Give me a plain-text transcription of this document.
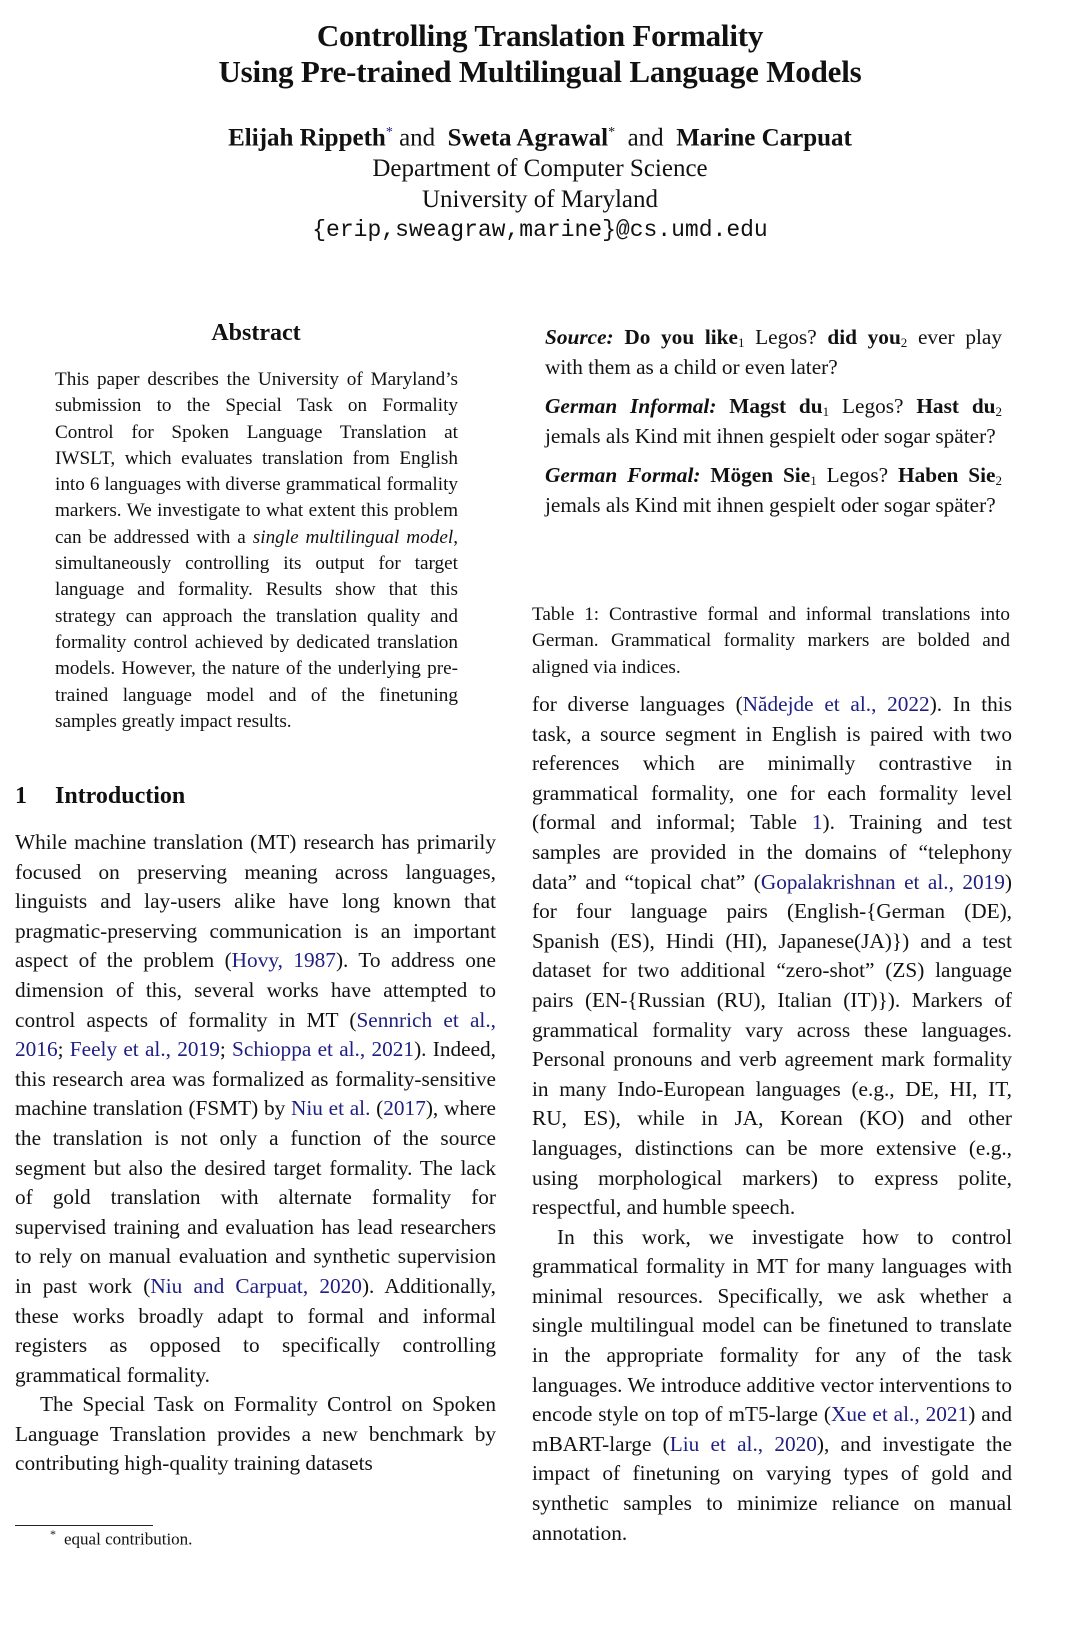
Controlling Translation Formality
Using Pre-trained Multilingual Language Models
Elijah Rippeth* and Sweta Agrawal* and Marine Carpuat
Department of Computer Science
University of Maryland
{erip,sweagraw,marine}@cs.umd.edu
Abstract

This paper describes the University of Maryland’s submission to the Special Task on Formality Control for Spoken Language Translation at IWSLT, which evaluates translation from English into 6 languages with diverse grammatical formality markers. We investigate to what extent this problem can be addressed with a single multilingual model, simultaneously controlling its output for target language and formality. Results show that this strategy can approach the translation quality and formality control achieved by dedicated translation models. However, the nature of the underlying pre-trained language model and of the finetuning samples greatly impact results.

1 Introduction

While machine translation (MT) research has primarily focused on preserving meaning across languages, linguists and lay-users alike have long known that pragmatic-preserving communication is an important aspect of the problem (Hovy, 1987). To address one dimension of this, several works have attempted to control aspects of formality in MT (Sennrich et al., 2016; Feely et al., 2019; Schioppa et al., 2021). Indeed, this research area was formalized as formality-sensitive machine translation (FSMT) by Niu et al. (2017), where the translation is not only a function of the source segment but also the desired target formality. The lack of gold translation with alternate formality for supervised training and evaluation has lead researchers to rely on manual evaluation and synthetic supervision in past work (Niu and Carpuat, 2020). Additionally, these works broadly adapt to formal and informal registers as opposed to specifically controlling grammatical formality.

The Special Task on Formality Control on Spoken Language Translation provides a new benchmark by contributing high-quality training datasets

* equal contribution.

Source: Do you like$_1$ Legos? did you$_2$ ever play with them as a child or even later?

German Informal: Magst $du_1$ Legos? Hast $du_2$ jemals als Kind mit ihnen gespielt oder sogar später?

German Formal: Mögen Sie$_1$ Legos? Haben Sie$_2$ jemals als Kind mit ihnen gespielt oder sogar später?

Table 1: Contrastive formal and informal translations into German. Grammatical formality markers are bolded and aligned via indices.

for diverse languages (Nădejde et al., 2022). In this task, a source segment in English is paired with two references which are minimally contrastive in grammatical formality, one for each formality level (formal and informal; Table 1). Training and test samples are provided in the domains of “telephony data” and “topical chat” (Gopalakrishnan et al., 2019) for four language pairs (English-{German (DE), Spanish (ES), Hindi (HI), Japanese(JA)}) and a test dataset for two additional “zero-shot” (ZS) language pairs (EN-{Russian (RU), Italian (IT)}). Markers of grammatical formality vary across these languages. Personal pronouns and verb agreement mark formality in many Indo-European languages (e.g., DE, HI, IT, RU, ES), while in JA, Korean (KO) and other languages, distinctions can be more extensive (e.g., using morphological markers) to express polite, respectful, and humble speech.

In this work, we investigate how to control grammatical formality in MT for many languages with minimal resources. Specifically, we ask whether a single multilingual model can be finetuned to translate in the appropriate formality for any of the task languages. We introduce additive vector interventions to encode style on top of mT5-large (Xue et al., 2021) and mBART-large (Liu et al., 2020), and investigate the impact of finetuning on varying types of gold and synthetic samples to minimize reliance on manual annotation.
